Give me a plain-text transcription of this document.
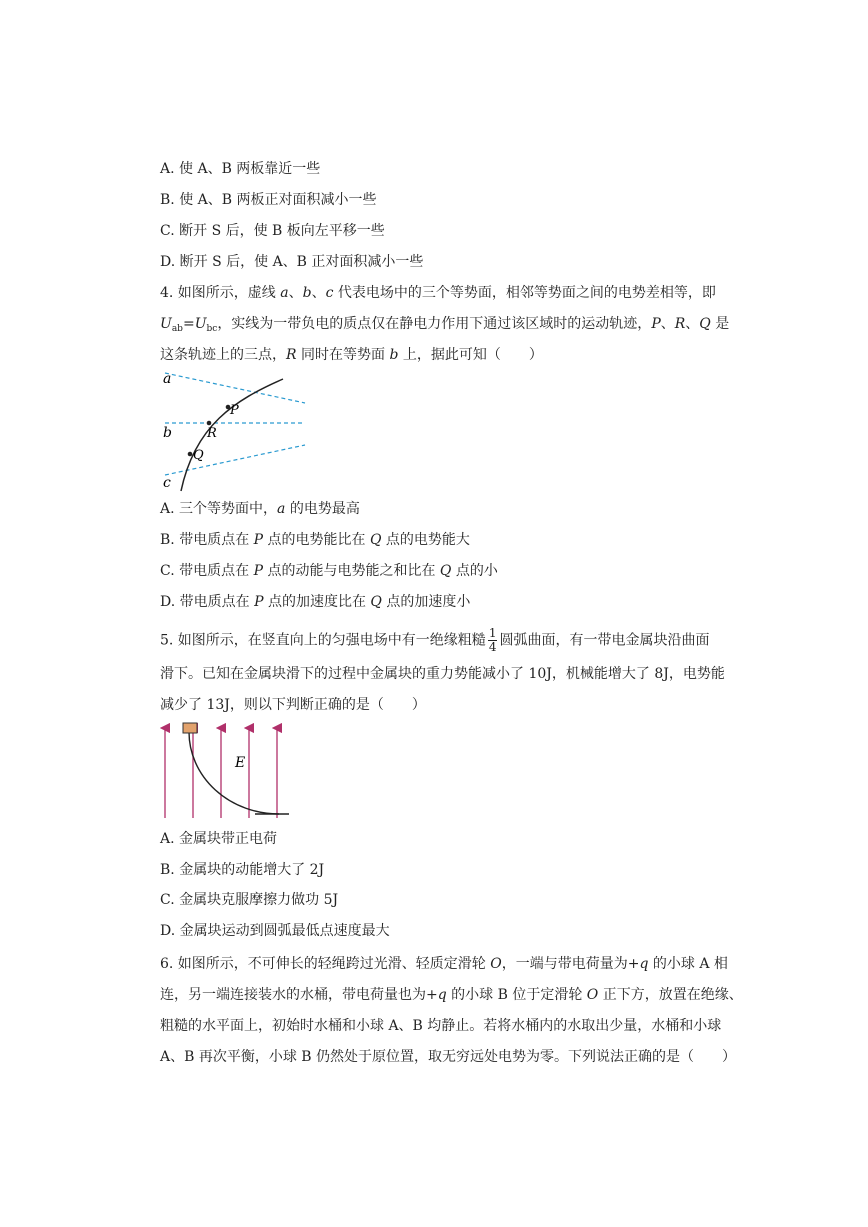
A. 使 A、B 两板靠近一些
B. 使 A、B 两板正对面积减小一些
C. 断开 S 后，使 B 板向左平移一些
D. 断开 S 后，使 A、B 正对面积减小一些
4. 如图所示，虚线 a、b、c 代表电场中的三个等势面，相邻等势面之间的电势差相等，即
$U_{ab}=U_{bc}$，实线为一带负电的质点仅在静电力作用下通过该区域时的运动轨迹，P、R、Q 是
这条轨迹上的三点，R 同时在等势面 b 上，据此可知（　　）
a
b
c
P
R
Q
A. 三个等势面中，a 的电势最高
B. 带电质点在 P 点的电势能比在 Q 点的电势能大
C. 带电质点在 P 点的动能与电势能之和比在 Q 点的小
D. 带电质点在 P 点的加速度比在 Q 点的加速度小
5. 如图所示，在竖直向上的匀强电场中有一绝缘粗糙 $\frac{1}{4}$ 圆弧曲面，有一带电金属块沿曲面
滑下。已知在金属块滑下的过程中金属块的重力势能减小了 10J，机械能增大了 8J，电势能
减少了 13J，则以下判断正确的是（　　）
E
A. 金属块带正电荷
B. 金属块的动能增大了 2J
C. 金属块克服摩擦力做功 5J
D. 金属块运动到圆弧最低点速度最大
6. 如图所示，不可伸长的轻绳跨过光滑、轻质定滑轮 O，一端与带电荷量为+q 的小球 A 相
连，另一端连接装水的水桶，带电荷量也为+q 的小球 B 位于定滑轮 O 正下方，放置在绝缘、
粗糙的水平面上，初始时水桶和小球 A、B 均静止。若将水桶内的水取出少量，水桶和小球
A、B 再次平衡，小球 B 仍然处于原位置，取无穷远处电势为零。下列说法正确的是（　　）
